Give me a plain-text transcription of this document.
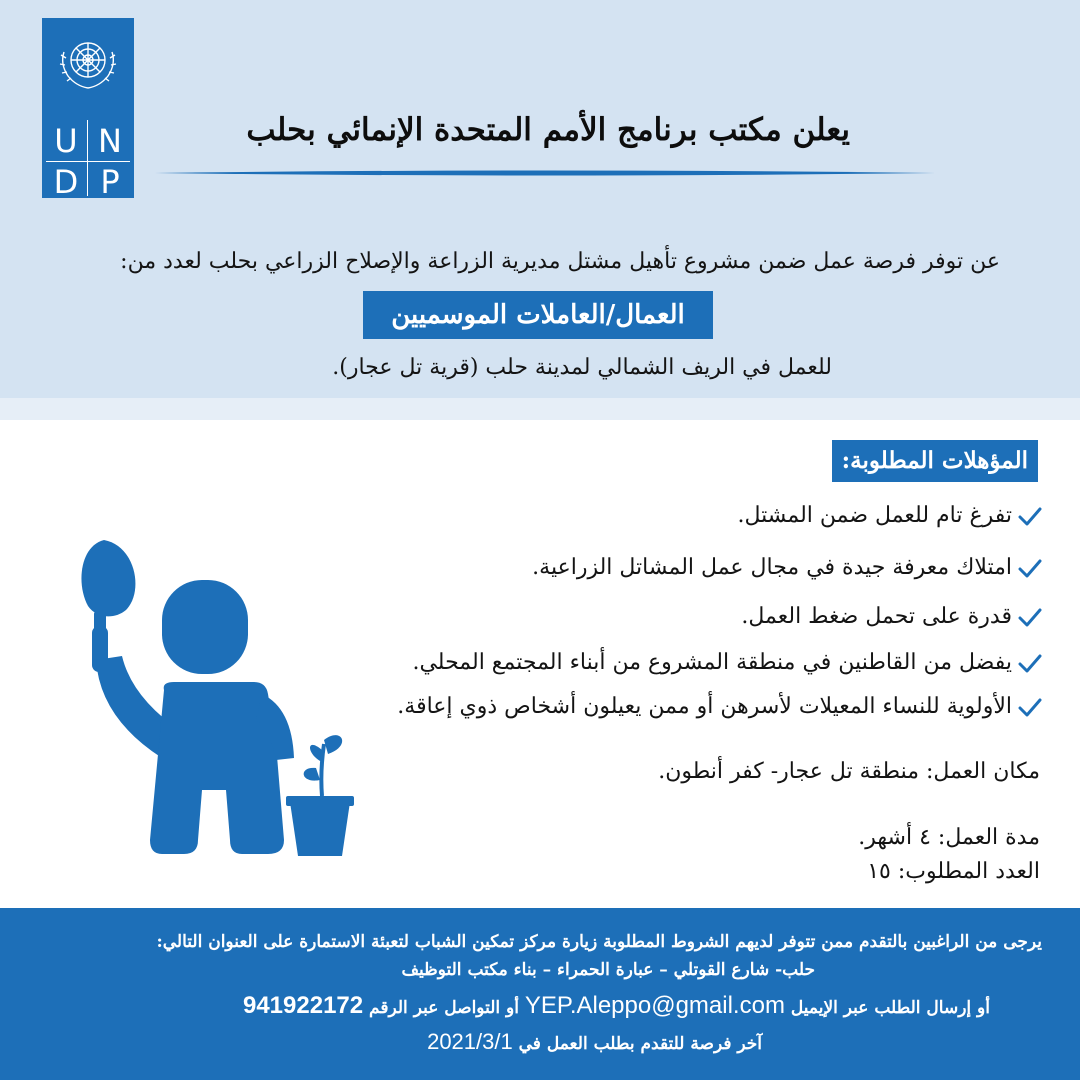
U N
D P
يعلن مكتب برنامج الأمم المتحدة الإنمائي بحلب
عن توفر فرصة عمل ضمن مشروع تأهيل مشتل مديرية الزراعة والإصلاح الزراعي بحلب لعدد من:
العمال/العاملات الموسميين
للعمل في الريف الشمالي لمدينة حلب (قرية تل عجار).
المؤهلات المطلوبة:
تفرغ تام للعمل ضمن المشتل.
امتلاك معرفة جيدة في مجال عمل المشاتل الزراعية.
قدرة على تحمل ضغط العمل.
يفضل من القاطنين في منطقة المشروع من أبناء المجتمع المحلي.
الأولوية للنساء المعيلات لأسرهن أو ممن يعيلون أشخاص ذوي إعاقة.
مكان العمل: منطقة تل عجار- كفر أنطون.
مدة العمل: ٤ أشهر.
العدد المطلوب: ١٥
يرجى من الراغبين بالتقدم ممن تتوفر لديهم الشروط المطلوبة زيارة مركز تمكين الشباب لتعبئة الاستمارة على العنوان التالي:
حلب- شارع القوتلي – عبارة الحمراء – بناء مكتب التوظيف
أو إرسال الطلب عبر الإيميل YEP.Aleppo@gmail.com أو التواصل عبر الرقم 941922172
آخر فرصة للتقدم بطلب العمل في 2021/3/1
